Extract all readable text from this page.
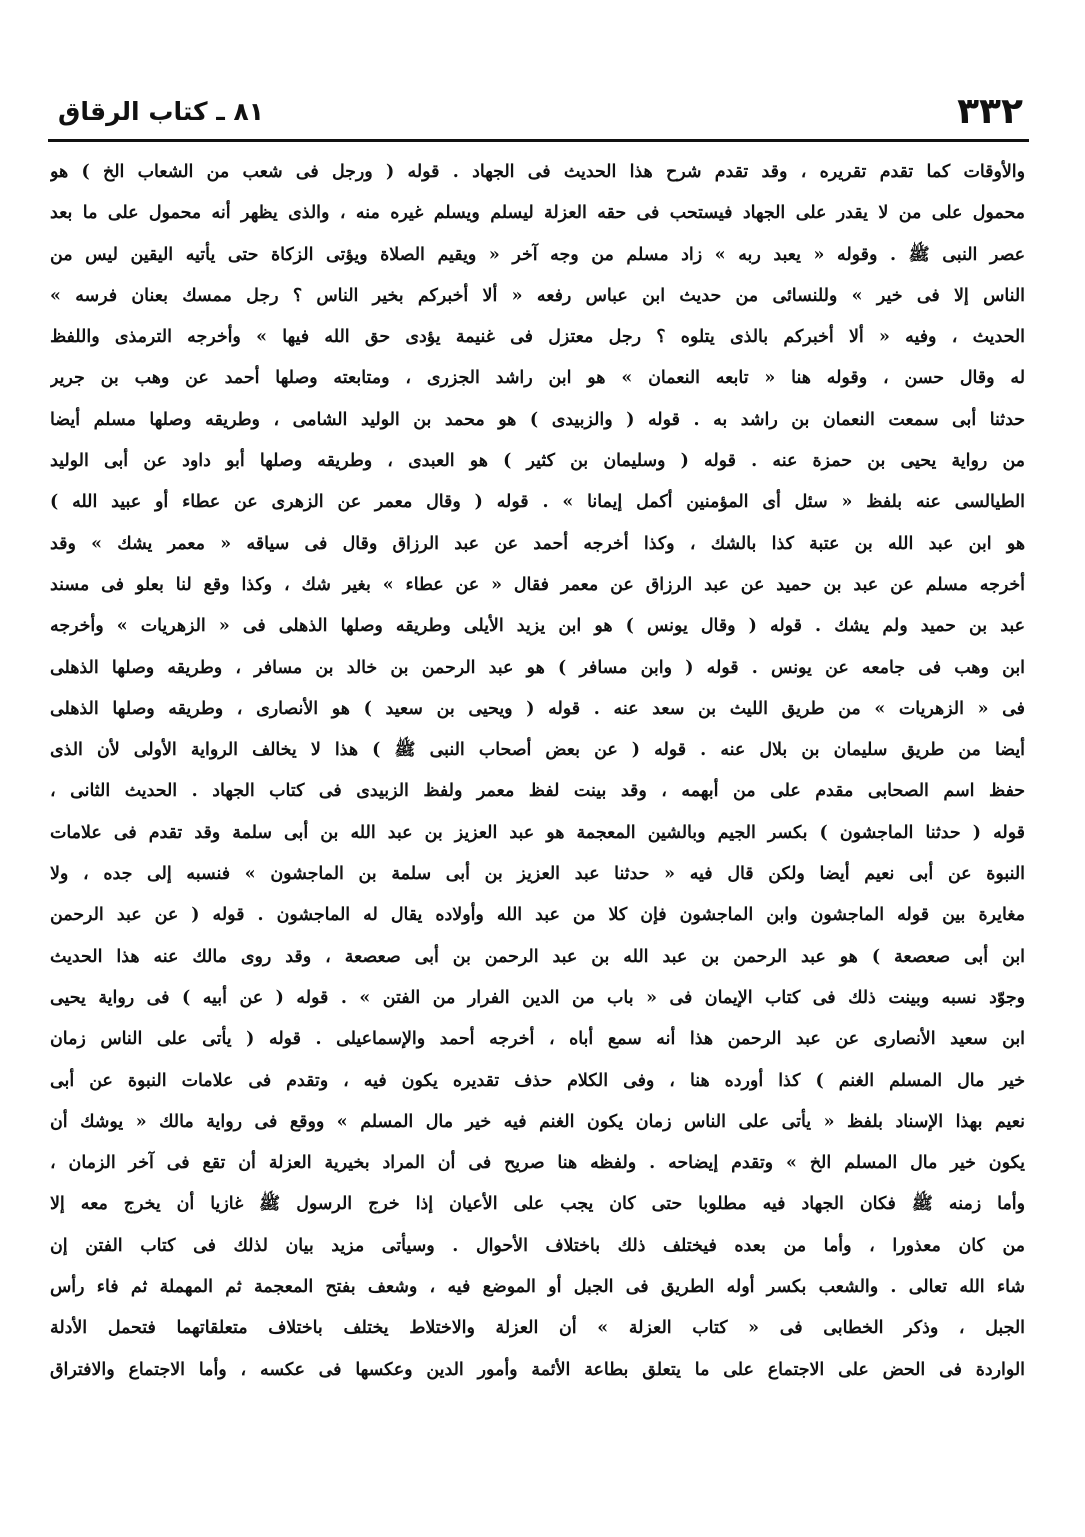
٣٣٢
٨١ ـ كتاب الرقاق
والأوقات كما تقدم تقريره ، وقد تقدم شرح هذا الحديث فى الجهاد . قوله ( ورجل فى شعب من الشعاب الخ ) هو
محمول على من لا يقدر على الجهاد فيستحب فى حقه العزلة ليسلم ويسلم غيره منه ، والذى يظهر أنه محمول على ما بعد
عصر النبى ﷺ . وقوله « يعبد ربه » زاد مسلم من وجه آخر « ويقيم الصلاة ويؤتى الزكاة حتى يأتيه اليقين ليس من
الناس إلا فى خير » وللنسائى من حديث ابن عباس رفعه « ألا أخبركم بخير الناس ؟ رجل ممسك بعنان فرسه »
الحديث ، وفيه « ألا أخبركم بالذى يتلوه ؟ رجل معتزل فى غنيمة يؤدى حق الله فيها » وأخرجه الترمذى واللفظ
له وقال حسن ، وقوله هنا « تابعه النعمان » هو ابن راشد الجزرى ، ومتابعته وصلها أحمد عن وهب بن جرير
حدثنا أبى سمعت النعمان بن راشد به . قوله ( والزبيدى ) هو محمد بن الوليد الشامى ، وطريقه وصلها مسلم أيضا
من رواية يحيى بن حمزة عنه . قوله ( وسليمان بن كثير ) هو العبدى ، وطريقه وصلها أبو داود عن أبى الوليد
الطيالسى عنه بلفظ « سئل أى المؤمنين أكمل إيمانا » . قوله ( وقال معمر عن الزهرى عن عطاء أو عبيد الله )
هو ابن عبد الله بن عتبة كذا بالشك ، وكذا أخرجه أحمد عن عبد الرزاق وقال فى سياقه « معمر يشك » وقد
أخرجه مسلم عن عبد بن حميد عن عبد الرزاق عن معمر فقال « عن عطاء » بغير شك ، وكذا وقع لنا بعلو فى مسند
عبد بن حميد ولم يشك . قوله ( وقال يونس ) هو ابن يزيد الأيلى وطريقه وصلها الذهلى فى « الزهريات » وأخرجه
ابن وهب فى جامعه عن يونس . قوله ( وابن مسافر ) هو عبد الرحمن بن خالد بن مسافر ، وطريقه وصلها الذهلى
فى « الزهريات » من طريق الليث بن سعد عنه . قوله ( ويحيى بن سعيد ) هو الأنصارى ، وطريقه وصلها الذهلى
أيضا من طريق سليمان بن بلال عنه . قوله ( عن بعض أصحاب النبى ﷺ ) هذا لا يخالف الرواية الأولى لأن الذى
حفظ اسم الصحابى مقدم على من أبهمه ، وقد بينت لفظ معمر ولفظ الزبيدى فى كتاب الجهاد . الحديث الثانى ،
قوله ( حدثنا الماجشون ) بكسر الجيم وبالشين المعجمة هو عبد العزيز بن عبد الله بن أبى سلمة وقد تقدم فى علامات
النبوة عن أبى نعيم أيضا ولكن قال فيه « حدثنا عبد العزيز بن أبى سلمة بن الماجشون » فنسبه إلى جده ، ولا
مغايرة بين قوله الماجشون وابن الماجشون فإن كلا من عبد الله وأولاده يقال له الماجشون . قوله ( عن عبد الرحمن
ابن أبى صعصعة ) هو عبد الرحمن بن عبد الله بن عبد الرحمن بن أبى صعصعة ، وقد روى مالك عنه هذا الحديث
وجوّد نسبه وبينت ذلك فى كتاب الإيمان فى « باب من الدين الفرار من الفتن » . قوله ( عن أبيه ) فى رواية يحيى
ابن سعيد الأنصارى عن عبد الرحمن هذا أنه سمع أباه ، أخرجه أحمد والإسماعيلى . قوله ( يأتى على الناس زمان
خير مال المسلم الغنم ) كذا أورده هنا ، وفى الكلام حذف تقديره يكون فيه ، وتقدم فى علامات النبوة عن أبى
نعيم بهذا الإسناد بلفظ « يأتى على الناس زمان يكون الغنم فيه خير مال المسلم » ووقع فى رواية مالك « يوشك أن
يكون خير مال المسلم الخ » وتقدم إيضاحه . ولفظه هنا صريح فى أن المراد بخيرية العزلة أن تقع فى آخر الزمان ،
وأما زمنه ﷺ فكان الجهاد فيه مطلوبا حتى كان يجب على الأعيان إذا خرج الرسول ﷺ غازيا أن يخرج معه إلا
من كان معذورا ، وأما من بعده فيختلف ذلك باختلاف الأحوال . وسيأتى مزيد بيان لذلك فى كتاب الفتن إن
شاء الله تعالى . والشعب بكسر أوله الطريق فى الجبل أو الموضع فيه ، وشعف بفتح المعجمة ثم المهملة ثم فاء رأس
الجبل ، وذكر الخطابى فى « كتاب العزلة » أن العزلة والاختلاط يختلف باختلاف متعلقاتهما فتحمل الأدلة
الواردة فى الحض على الاجتماع على ما يتعلق بطاعة الأئمة وأمور الدين وعكسها فى عكسه ، وأما الاجتماع والافتراق
